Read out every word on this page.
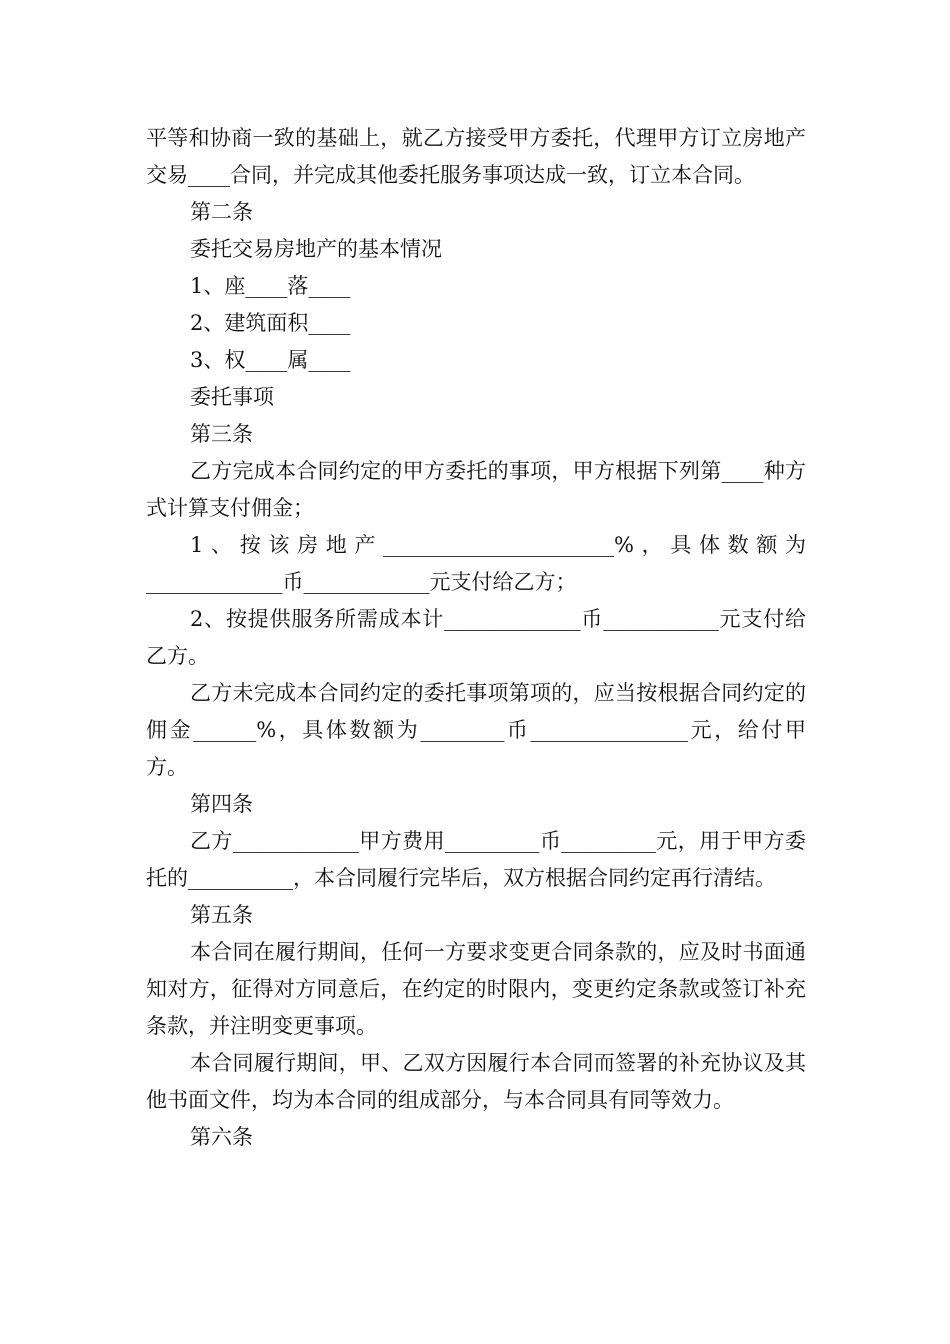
平等和协商一致的基础上，就乙方接受甲方委托，代理甲方订立房地产交易____合同，并完成其他委托服务事项达成一致，订立本合同。

第二条

委托交易房地产的基本情况

1、座____落____

2、建筑面积____

3、权____属____

委托事项

第三条

乙方完成本合同约定的甲方委托的事项，甲方根据下列第____种方式计算支付佣金；

1、按该房地产______________________%，具体数额为_____________币____________元支付给乙方；

2、按提供服务所需成本计_____________币___________元支付给乙方。

乙方未完成本合同约定的委托事项第项的，应当按根据合同约定的佣金______%，具体数额为________币_______________元，给付甲方。

第四条

乙方____________甲方费用_________币_________元，用于甲方委托的__________，本合同履行完毕后，双方根据合同约定再行清结。

第五条

本合同在履行期间，任何一方要求变更合同条款的，应及时书面通知对方，征得对方同意后，在约定的时限内，变更约定条款或签订补充条款，并注明变更事项。

本合同履行期间，甲、乙双方因履行本合同而签署的补充协议及其他书面文件，均为本合同的组成部分，与本合同具有同等效力。

第六条
